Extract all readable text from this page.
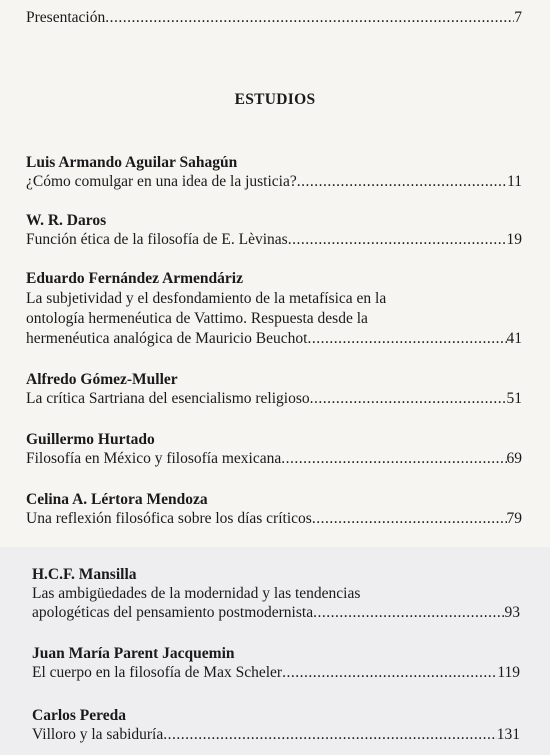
Presentación .....	7
ESTUDIOS
Luis Armando Aguilar Sahagún
¿Cómo comulgar en una idea de la justicia? .....	11
W. R. Daros
Función ética de la filosofía de E. Lèvinas .....	19
Eduardo Fernández Armendáriz
La subjetividad y el desfondamiento de la metafísica en la
ontología hermenéutica de Vattimo. Respuesta desde la
hermenéutica analógica de Mauricio Beuchot .....	41
Alfredo Gómez-Muller
La crítica Sartriana del esencialismo religioso .....	51
Guillermo Hurtado
Filosofía en México y filosofía mexicana .....	69
Celina A. Lértora Mendoza
Una reflexión filosófica sobre los días críticos .....	79
H.C.F. Mansilla
Las ambigüedades de la modernidad y las tendencias
apologéticas del pensamiento postmodernista .....	93
Juan María Parent Jacquemin
El cuerpo en la filosofía de Max Scheler .....	119
Carlos Pereda
Villoro y la sabiduría .....	131
